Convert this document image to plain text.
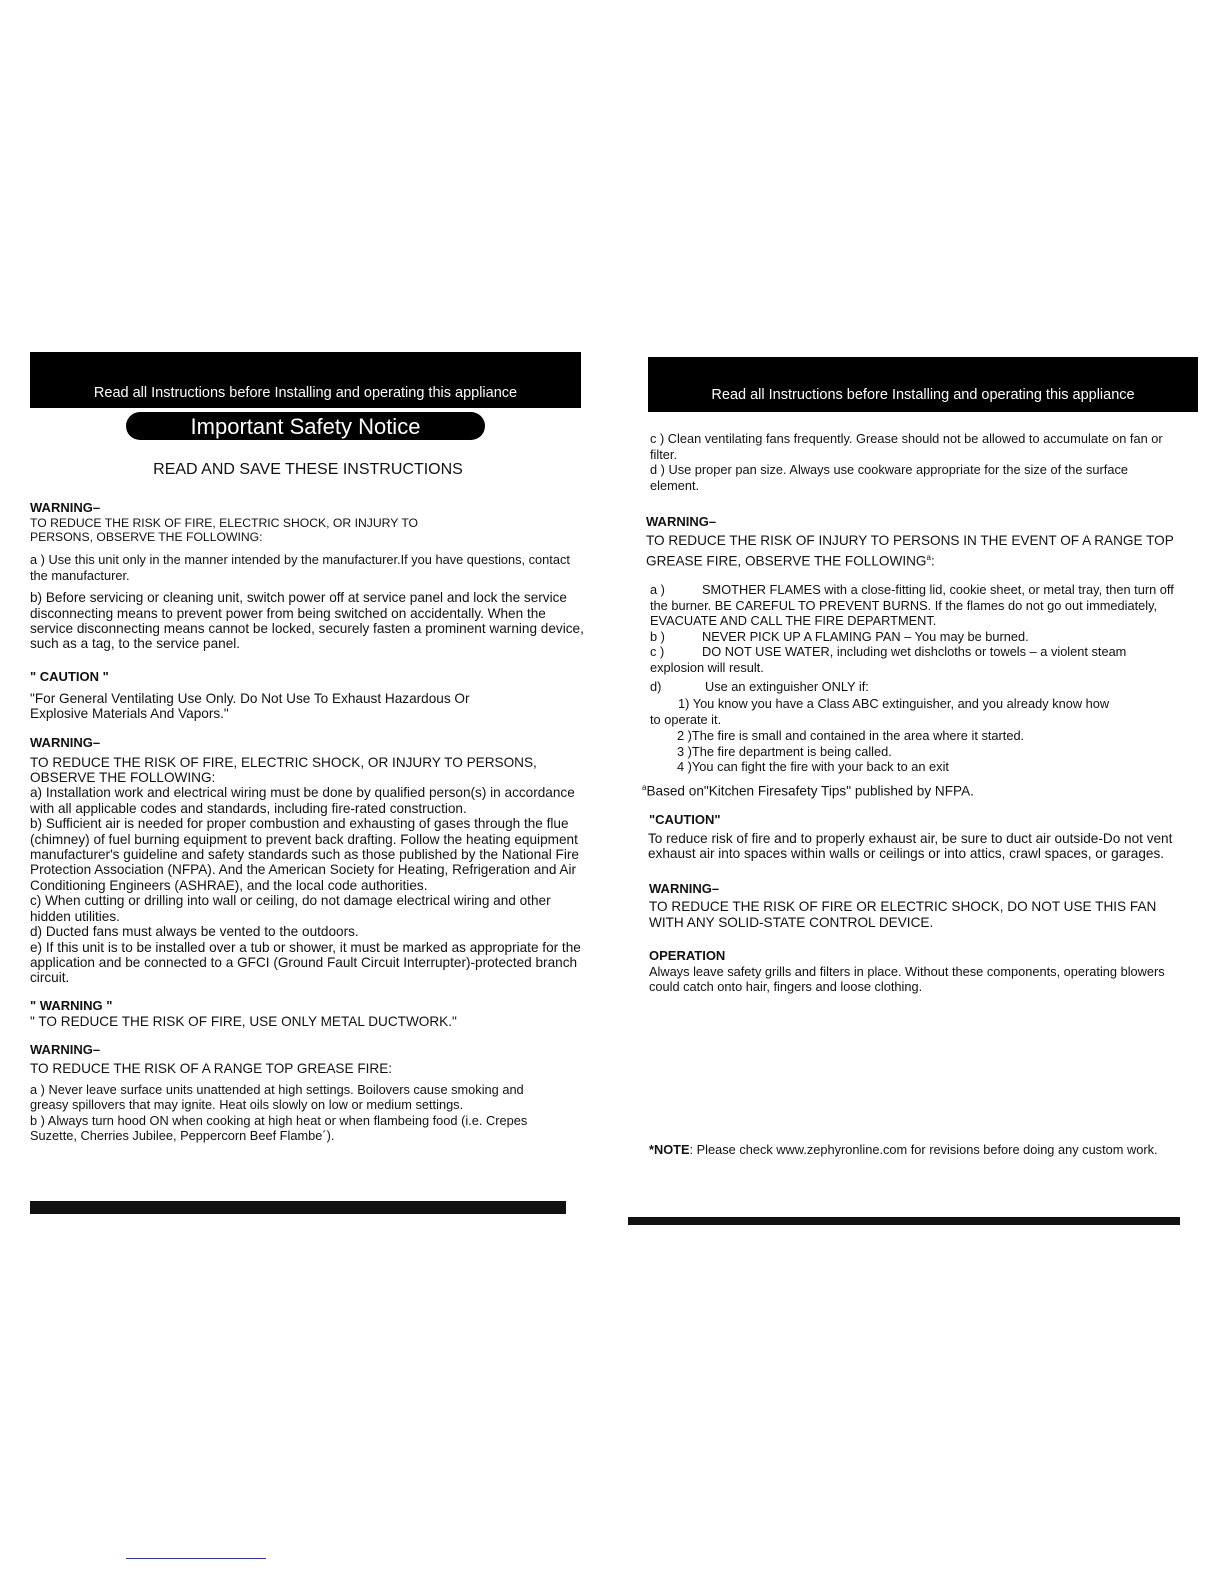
Read all Instructions before Installing and operating this appliance
Important Safety Notice
READ AND SAVE THESE INSTRUCTIONS

WARNING–

TO REDUCE THE RISK OF FIRE, ELECTRIC SHOCK, OR INJURY TO PERSONS, OBSERVE THE FOLLOWING:

a ) Use this unit only in the manner intended by the manufacturer.If you have questions, contact the manufacturer.

b) Before servicing or cleaning unit, switch power off at service panel and lock the service disconnecting means to prevent power from being switched on accidentally. When the service disconnecting means cannot be locked, securely fasten a prominent warning device, such as a tag, to the service panel.

" CAUTION "

"For General Ventilating Use Only. Do Not Use To Exhaust Hazardous Or Explosive Materials And Vapors."

WARNING–

TO REDUCE THE RISK OF FIRE, ELECTRIC SHOCK, OR INJURY TO PERSONS, OBSERVE THE FOLLOWING:

a) Installation work and electrical wiring must be done by qualified person(s) in accordance with all applicable codes and standards, including fire-rated construction.

b) Sufficient air is needed for proper combustion and exhausting of gases through the flue (chimney) of fuel burning equipment to prevent back drafting. Follow the heating equipment manufacturer's guideline and safety standards such as those published by the National Fire Protection Association (NFPA). And the American Society for Heating, Refrigeration and Air Conditioning Engineers (ASHRAE), and the local code authorities.

c) When cutting or drilling into wall or ceiling, do not damage electrical wiring and other hidden utilities.

d) Ducted fans must always be vented to the outdoors.

e) If this unit is to be installed over a tub or shower, it must be marked as appropriate for the application and be connected to a GFCI (Ground Fault Circuit Interrupter)-protected branch circuit.

" WARNING "

" TO REDUCE THE RISK OF FIRE, USE ONLY METAL DUCTWORK."

WARNING–

TO REDUCE THE RISK OF A RANGE TOP GREASE FIRE:

a ) Never leave surface units unattended at high settings. Boilovers cause smoking and greasy spillovers that may ignite. Heat oils slowly on low or medium settings.

b ) Always turn hood ON when cooking at high heat or when flambeing food (i.e. Crepes Suzette, Cherries Jubilee, Peppercorn Beef Flambe´).

Read all Instructions before Installing and operating this appliance

c ) Clean ventilating fans frequently. Grease should not be allowed to accumulate on fan or filter.

d ) Use proper pan size. Always use cookware appropriate for the size of the surface element.

WARNING–

TO REDUCE THE RISK OF INJURY TO PERSONS IN THE EVENT OF A RANGE TOP GREASE FIRE, OBSERVE THE FOLLOWING$^a$:

a )	SMOTHER FLAMES with a close-fitting lid, cookie sheet, or metal tray, then turn off the burner. BE CAREFUL TO PREVENT BURNS. If the flames do not go out immediately, EVACUATE AND CALL THE FIRE DEPARTMENT.

b )	NEVER PICK UP A FLAMING PAN – You may be burned.

c )	DO NOT USE WATER, including wet dishcloths or towels – a violent steam explosion will result.

d)	Use an extinguisher ONLY if:

1) You know you have a Class ABC extinguisher, and you already know how

to operate it.

2 )The fire is small and contained in the area where it started.

3 )The fire department is being called.

4 )You can fight the fire with your back to an exit

$^a$Based on"Kitchen Firesafety Tips" published by NFPA.

"CAUTION"

To reduce risk of fire and to properly exhaust air, be sure to duct air outside-Do not vent exhaust air into spaces within walls or ceilings or into attics, crawl spaces, or garages.

WARNING–

TO REDUCE THE RISK OF FIRE OR ELECTRIC SHOCK, DO NOT USE THIS FAN WITH ANY SOLID-STATE CONTROL DEVICE.

OPERATION

Always leave safety grills and filters in place. Without these components, operating blowers could catch onto hair, fingers and loose clothing.

*NOTE: Please check www.zephyronline.com for revisions before doing any custom work.
